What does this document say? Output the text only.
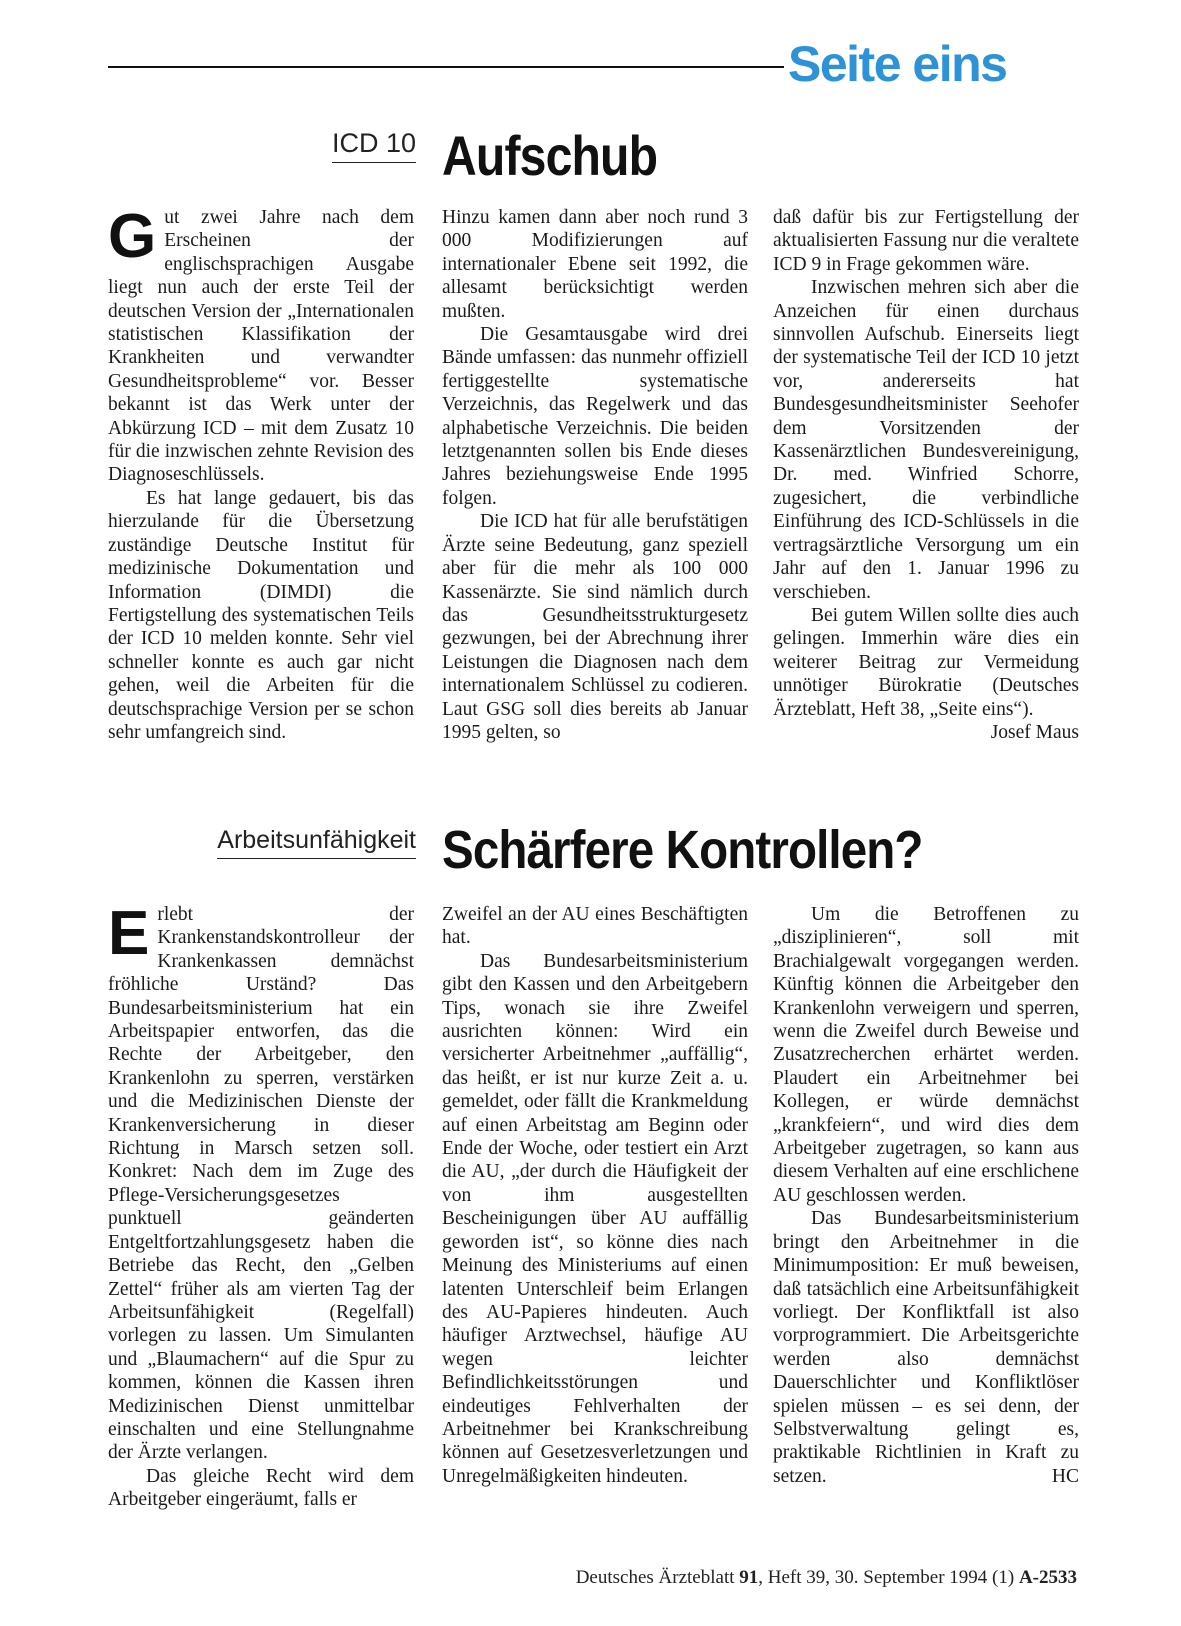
Seite eins
ICD 10 Aufschub

Gut zwei Jahre nach dem Erscheinen der englischsprachigen Ausgabe liegt nun auch der erste Teil der deutschen Version der „Internationalen statistischen Klassifikation der Krankheiten und verwandter Gesundheitsprobleme“ vor. Besser bekannt ist das Werk unter der Abkürzung ICD – mit dem Zusatz 10 für die inzwischen zehnte Revision des Diagnoseschlüssels.

Es hat lange gedauert, bis das hierzulande für die Übersetzung zuständige Deutsche Institut für medizinische Dokumentation und Information (DIMDI) die Fertigstellung des systematischen Teils der ICD 10 melden konnte. Sehr viel schneller konnte es auch gar nicht gehen, weil die Arbeiten für die deutschsprachige Version per se schon sehr umfangreich sind.

Hinzu kamen dann aber noch rund 3 000 Modifizierungen auf internationaler Ebene seit 1992, die allesamt berücksichtigt werden mußten.

Die Gesamtausgabe wird drei Bände umfassen: das nunmehr offiziell fertiggestellte systematische Verzeichnis, das Regelwerk und das alphabetische Verzeichnis. Die beiden letztgenannten sollen bis Ende dieses Jahres beziehungsweise Ende 1995 folgen.

Die ICD hat für alle berufstätigen Ärzte seine Bedeutung, ganz speziell aber für die mehr als 100 000 Kassenärzte. Sie sind nämlich durch das Gesundheitsstrukturgesetz gezwungen, bei der Abrechnung ihrer Leistungen die Diagnosen nach dem internationalem Schlüssel zu codieren. Laut GSG soll dies bereits ab Januar 1995 gelten, so

daß dafür bis zur Fertigstellung der aktualisierten Fassung nur die veraltete ICD 9 in Frage gekommen wäre.

Inzwischen mehren sich aber die Anzeichen für einen durchaus sinnvollen Aufschub. Einerseits liegt der systematische Teil der ICD 10 jetzt vor, andererseits hat Bundesgesundheitsminister Seehofer dem Vorsitzenden der Kassenärztlichen Bundesvereinigung, Dr. med. Winfried Schorre, zugesichert, die verbindliche Einführung des ICD-Schlüssels in die vertragsärztliche Versorgung um ein Jahr auf den 1. Januar 1996 zu verschieben.

Bei gutem Willen sollte dies auch gelingen. Immerhin wäre dies ein weiterer Beitrag zur Vermeidung unnötiger Bürokratie (Deutsches Ärzteblatt, Heft 38, „Seite eins“).
Josef Maus

Arbeitsunfähigkeit Schärfere Kontrollen?

Erlebt der Krankenstandskontrolleur der Krankenkassen demnächst fröhliche Urständ? Das Bundesarbeitsministerium hat ein Arbeitspapier entworfen, das die Rechte der Arbeitgeber, den Krankenlohn zu sperren, verstärken und die Medizinischen Dienste der Krankenversicherung in dieser Richtung in Marsch setzen soll. Konkret: Nach dem im Zuge des Pflege-Versicherungsgesetzes punktuell geänderten Entgeltfortzahlungsgesetz haben die Betriebe das Recht, den „Gelben Zettel“ früher als am vierten Tag der Arbeitsunfähigkeit (Regelfall) vorlegen zu lassen. Um Simulanten und „Blaumachern“ auf die Spur zu kommen, können die Kassen ihren Medizinischen Dienst unmittelbar einschalten und eine Stellungnahme der Ärzte verlangen.

Das gleiche Recht wird dem Arbeitgeber eingeräumt, falls er

Zweifel an der AU eines Beschäftigten hat.

Das Bundesarbeitsministerium gibt den Kassen und den Arbeitgebern Tips, wonach sie ihre Zweifel ausrichten können: Wird ein versicherter Arbeitnehmer „auffällig“, das heißt, er ist nur kurze Zeit a. u. gemeldet, oder fällt die Krankmeldung auf einen Arbeitstag am Beginn oder Ende der Woche, oder testiert ein Arzt die AU, „der durch die Häufigkeit der von ihm ausgestellten Bescheinigungen über AU auffällig geworden ist“, so könne dies nach Meinung des Ministeriums auf einen latenten Unterschleif beim Erlangen des AU-Papieres hindeuten. Auch häufiger Arztwechsel, häufige AU wegen leichter Befindlichkeitsstörungen und eindeutiges Fehlverhalten der Arbeitnehmer bei Krankschreibung können auf Gesetzesverletzungen und Unregelmäßigkeiten hindeuten.

Um die Betroffenen zu „disziplinieren“, soll mit Brachialgewalt vorgegangen werden. Künftig können die Arbeitgeber den Krankenlohn verweigern und sperren, wenn die Zweifel durch Beweise und Zusatzrecherchen erhärtet werden. Plaudert ein Arbeitnehmer bei Kollegen, er würde demnächst „krankfeiern“, und wird dies dem Arbeitgeber zugetragen, so kann aus diesem Verhalten auf eine erschlichene AU geschlossen werden.

Das Bundesarbeitsministerium bringt den Arbeitnehmer in die Minimumposition: Er muß beweisen, daß tatsächlich eine Arbeitsunfähigkeit vorliegt. Der Konfliktfall ist also vorprogrammiert. Die Arbeitsgerichte werden also demnächst Dauerschlichter und Konfliktlöser spielen müssen – es sei denn, der Selbstverwaltung gelingt es, praktikable Richtlinien in Kraft zu setzen.	HC

Deutsches Ärzteblatt 91, Heft 39, 30. September 1994 (1) A-2533
